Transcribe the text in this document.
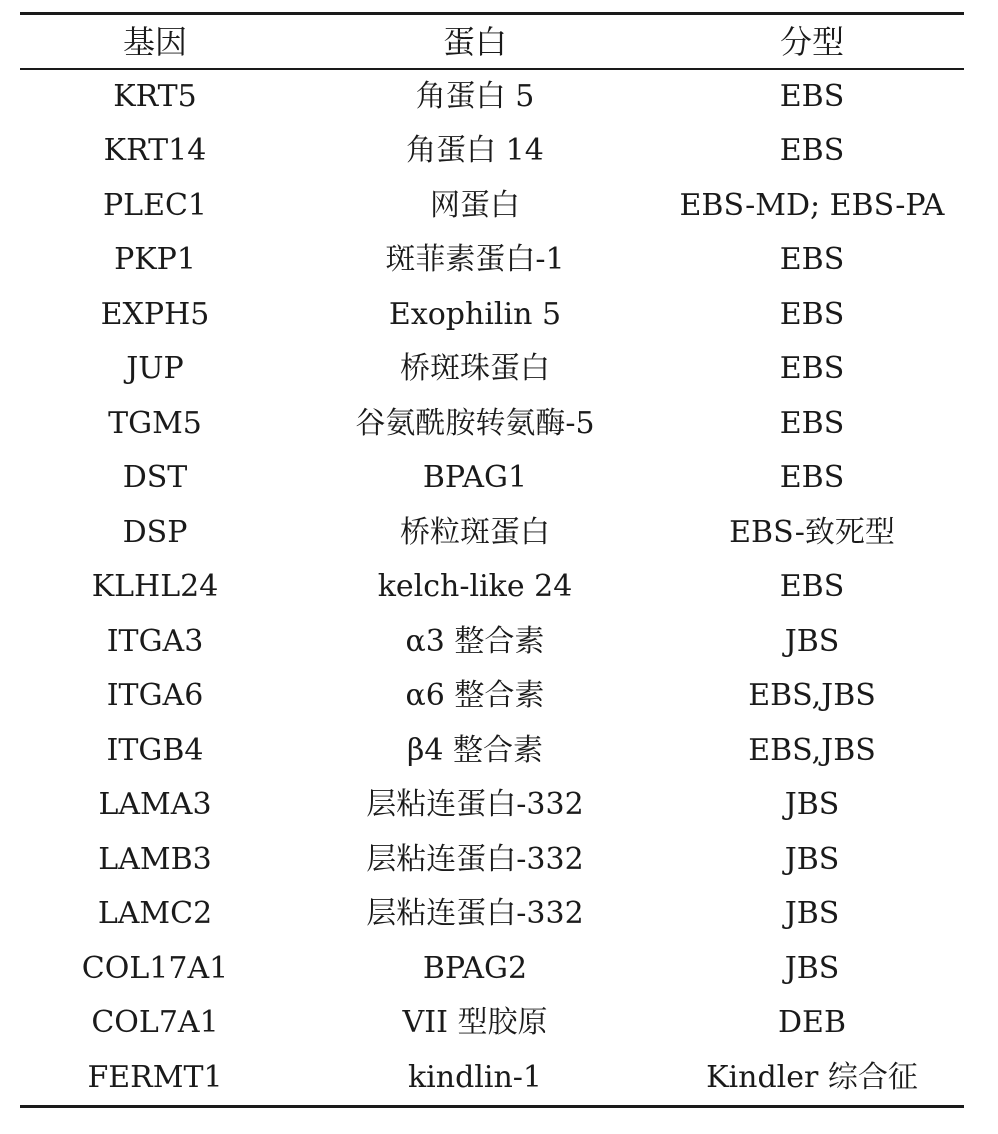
基因	蛋白	分型
KRT5	角蛋白 5	EBS
KRT14	角蛋白 14	EBS
PLEC1	网蛋白	EBS-MD; EBS-PA
PKP1	斑菲素蛋白-1	EBS
EXPH5	Exophilin 5	EBS
JUP	桥斑珠蛋白	EBS
TGM5	谷氨酰胺转氨酶-5	EBS
DST	BPAG1	EBS
DSP	桥粒斑蛋白	EBS-致死型
KLHL24	kelch-like 24	EBS
ITGA3	α3 整合素	JBS
ITGA6	α6 整合素	EBS,JBS
ITGB4	β4 整合素	EBS,JBS
LAMA3	层粘连蛋白-332	JBS
LAMB3	层粘连蛋白-332	JBS
LAMC2	层粘连蛋白-332	JBS
COL17A1	BPAG2	JBS
COL7A1	VII 型胶原	DEB
FERMT1	kindlin-1	Kindler 综合征
